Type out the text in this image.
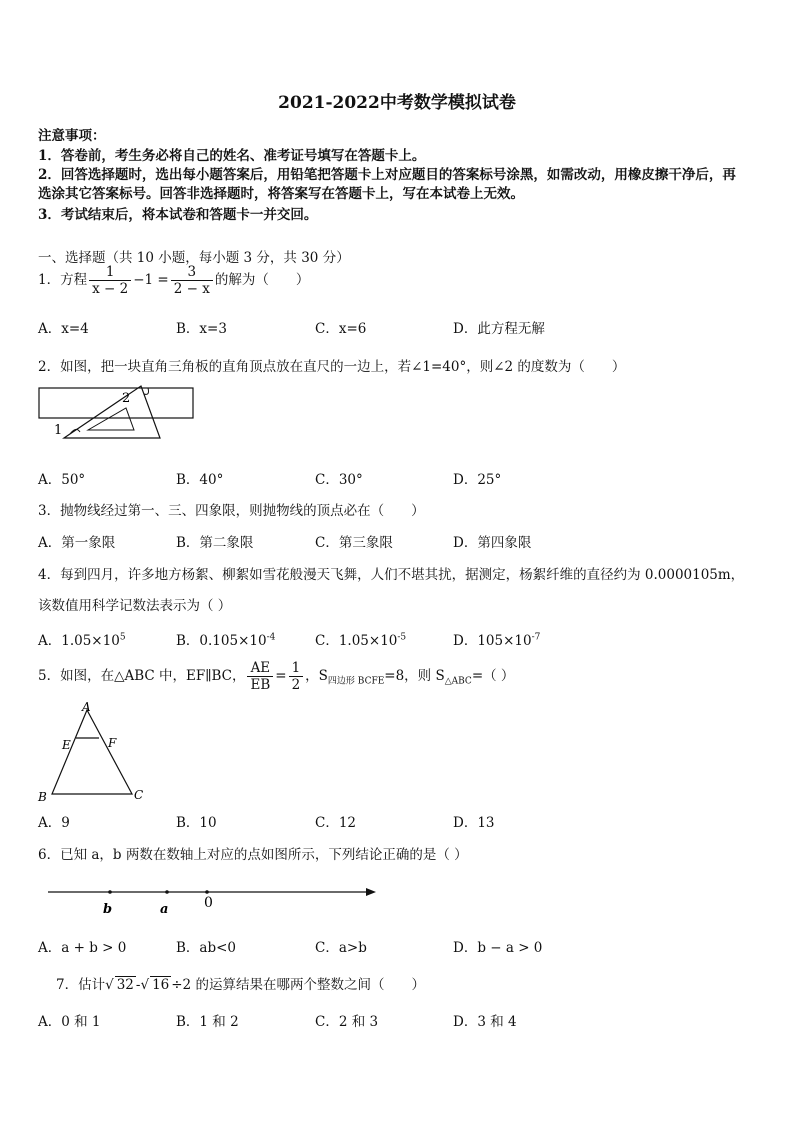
2021-2022中考数学模拟试卷
注意事项：
1．答卷前，考生务必将自己的姓名、准考证号填写在答题卡上。
2．回答选择题时，选出每小题答案后，用铅笔把答题卡上对应题目的答案标号涂黑，如需改动，用橡皮擦干净后，再
选涂其它答案标号。回答非选择题时，将答案写在答题卡上，写在本试卷上无效。
3．考试结束后，将本试卷和答题卡一并交回。
一、选择题（共 10 小题，每小题 3 分，共 30 分）
1．方程 $\frac{1}{x - 2} -1 = \frac{3}{2 - x}$ 的解为（　　）
A．x=4	B．x=3	C．x=6	D．此方程无解
2．如图，把一块直角三角板的直角顶点放在直尺的一边上，若∠1=40°，则∠2 的度数为（　　）
1
2
A．50°	B．40°	C．30°	D．25°
3．抛物线经过第一、三、四象限，则抛物线的顶点必在（　　）
A．第一象限	B．第二象限	C．第三象限	D．第四象限
4．每到四月，许多地方杨絮、柳絮如雪花般漫天飞舞，人们不堪其扰，据测定，杨絮纤维的直径约为 0.0000105m，
该数值用科学记数法表示为（ ）
A．$1.05\times 10^5$	B．$0.105\times 10^{-4}$	C．$1.05\times 10^{-5}$	D．$105\times 10^{-7}$
5．如图，在△ABC 中，EF∥BC， $\frac{AE}{EB} = \frac{1}{2}$ ，$S_{四边形 BCFE}=8$，则 $S_{\triangle ABC}=$（ ）
A
E	F
B	C
A．9	B．10	C．12	D．13
6．已知 a，b 两数在数轴上对应的点如图所示，下列结论正确的是（ ）
b	a	0
A．a + b > 0	B．ab<0	C．a>b	D．b − a > 0
7．估计√ 32 -√ 16 ÷2 的运算结果在哪两个整数之间（　　）
A．0 和 1	B．1 和 2	C．2 和 3	D．3 和 4
